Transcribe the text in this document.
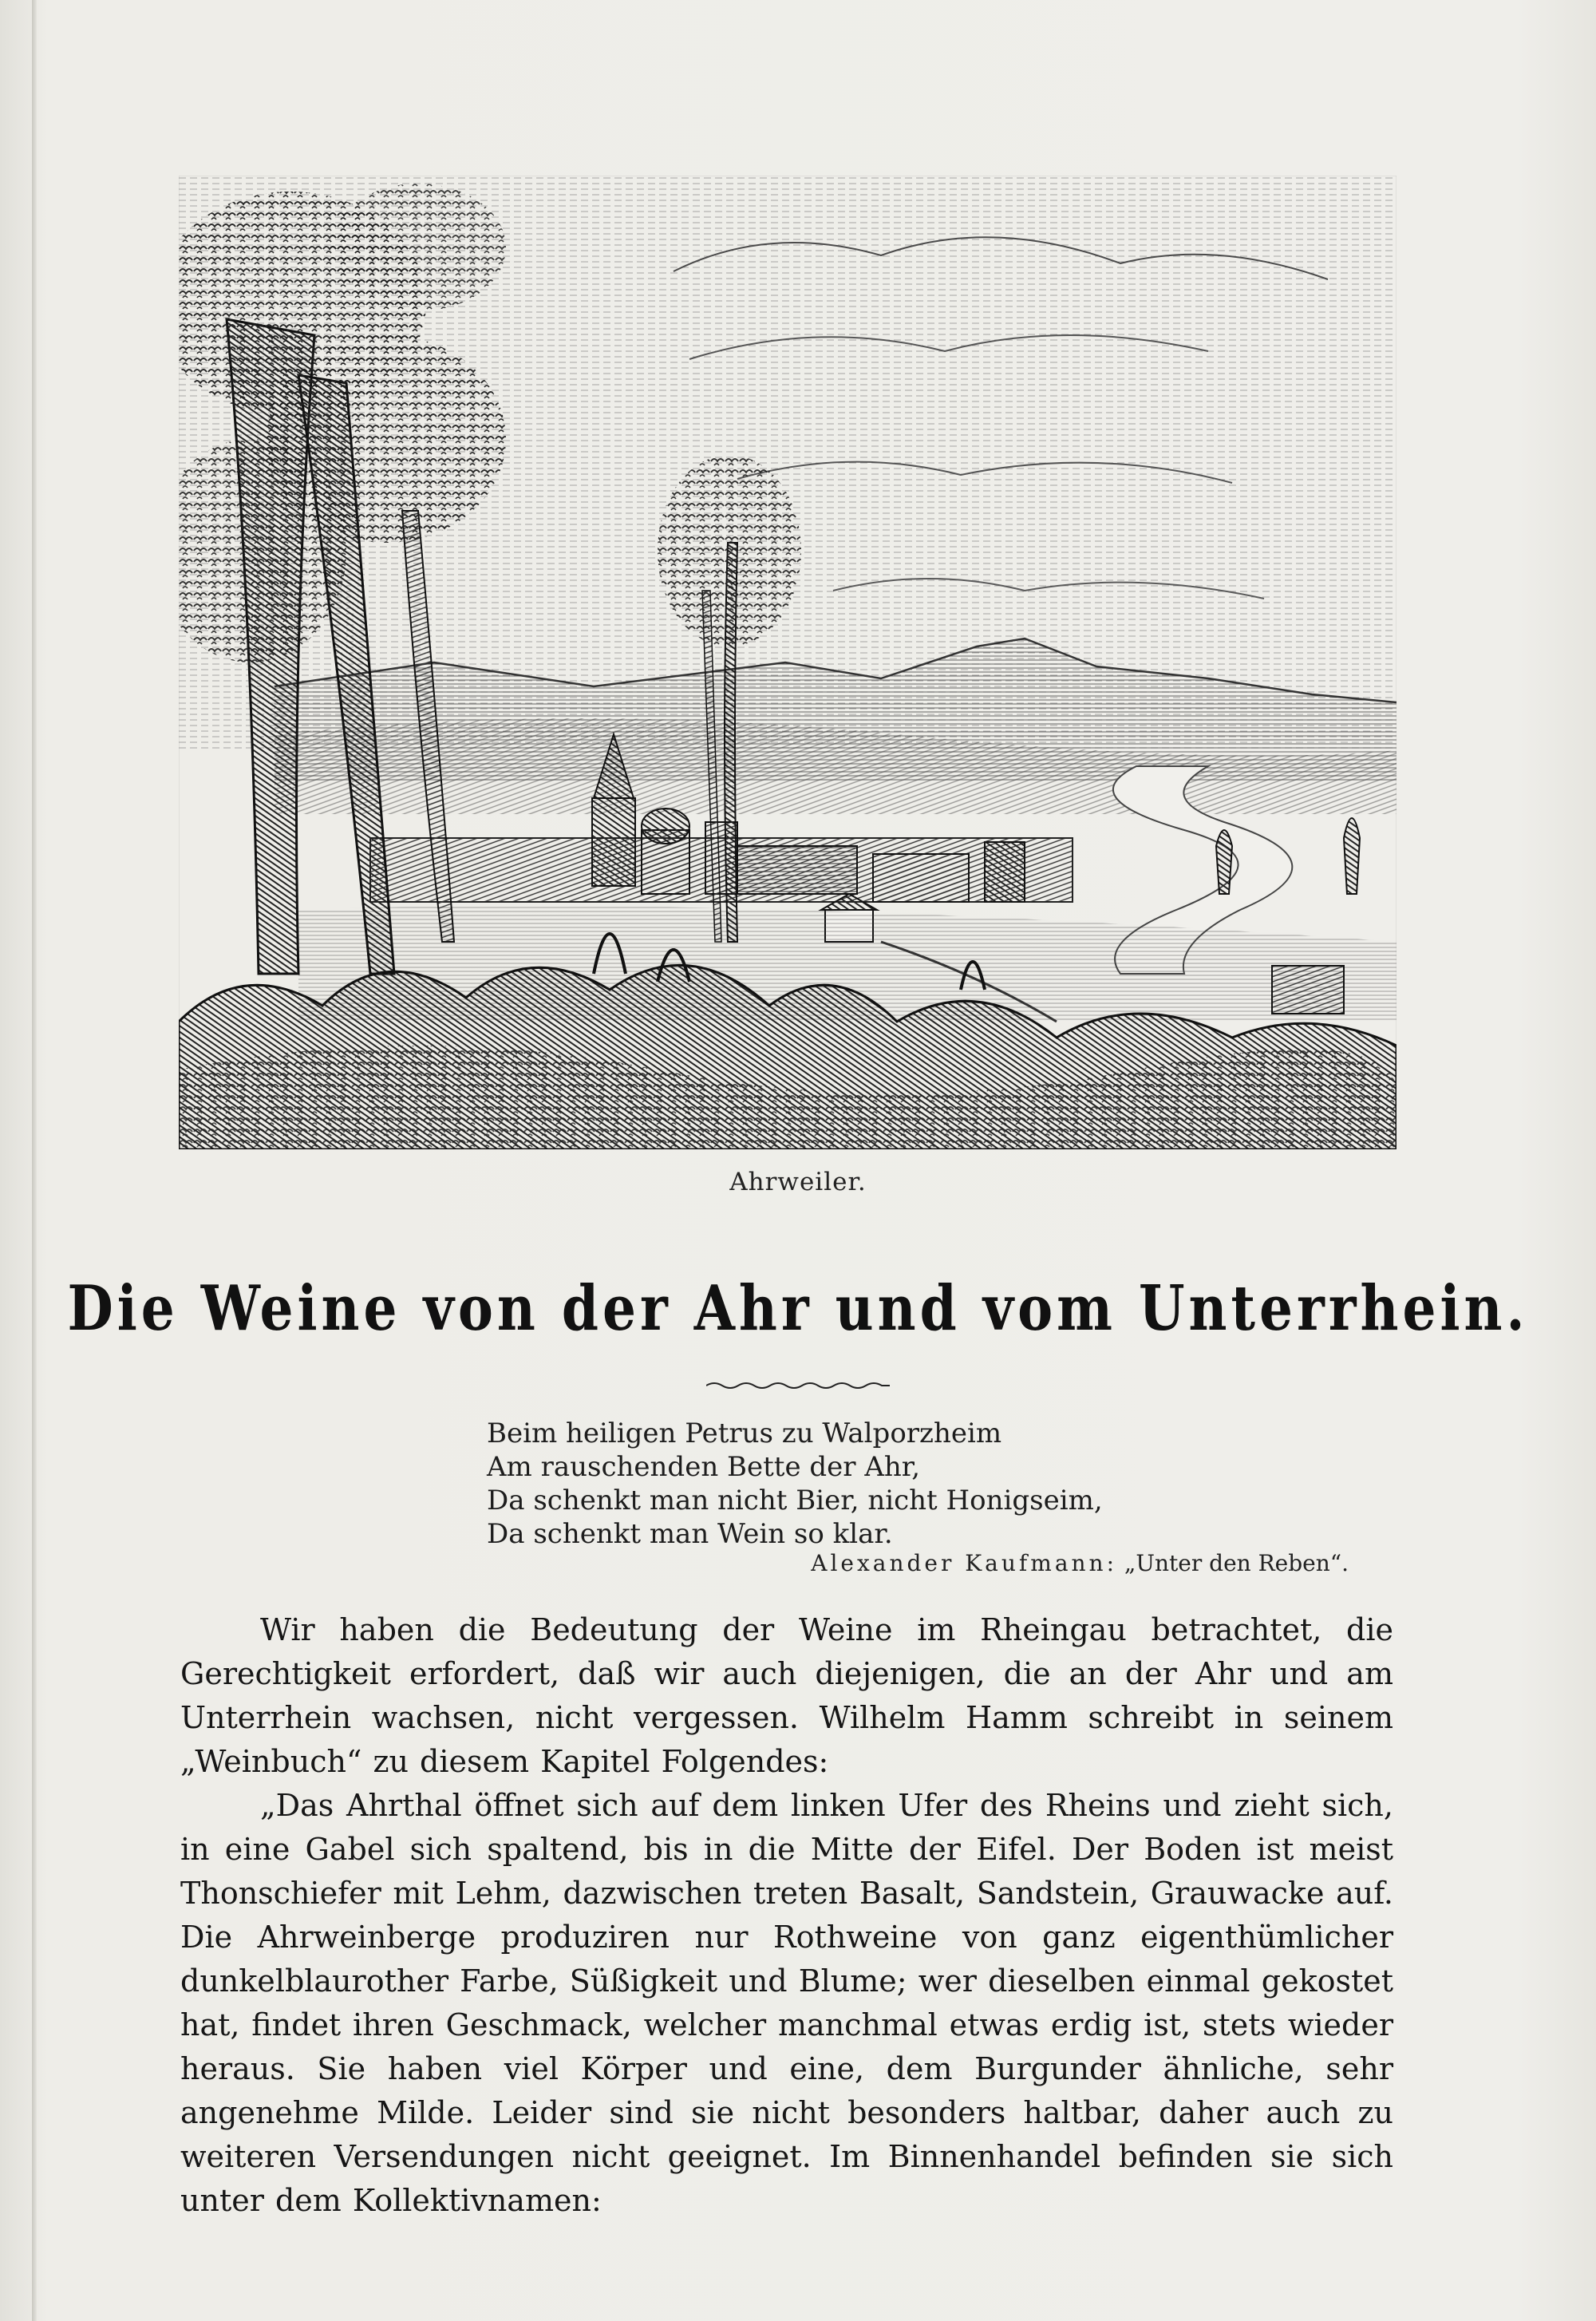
Ahrweiler.
Die Weine von der Ahr und vom Unterrhein.
Beim heiligen Petrus zu Walporzheim
Am rauschenden Bette der Ahr,
Da schenkt man nicht Bier, nicht Honigseim,
Da schenkt man Wein so klar.
Alexander Kaufmann: „Unter den Reben“.

Wir haben die Bedeutung der Weine im Rheingau betrachtet, die Gerechtigkeit erfordert, daß wir auch diejenigen, die an der Ahr und am Unterrhein wachsen, nicht vergessen. Wilhelm Hamm schreibt in seinem „Weinbuch“ zu diesem Kapitel Folgendes:

„Das Ahrthal öffnet sich auf dem linken Ufer des Rheins und zieht sich, in eine Gabel sich spaltend, bis in die Mitte der Eifel. Der Boden ist meist Thonschiefer mit Lehm, dazwischen treten Basalt, Sandstein, Grauwacke auf. Die Ahrweinberge produziren nur Rothweine von ganz eigenthümlicher dunkelblaurother Farbe, Süßigkeit und Blume; wer dieselben einmal gekostet hat, findet ihren Geschmack, welcher manchmal etwas erdig ist, stets wieder heraus. Sie haben viel Körper und eine, dem Burgunder ähnliche, sehr angenehme Milde. Leider sind sie nicht besonders haltbar, daher auch zu weiteren Versendungen nicht geeignet. Im Binnenhandel befinden sie sich unter dem Kollektivnamen:
